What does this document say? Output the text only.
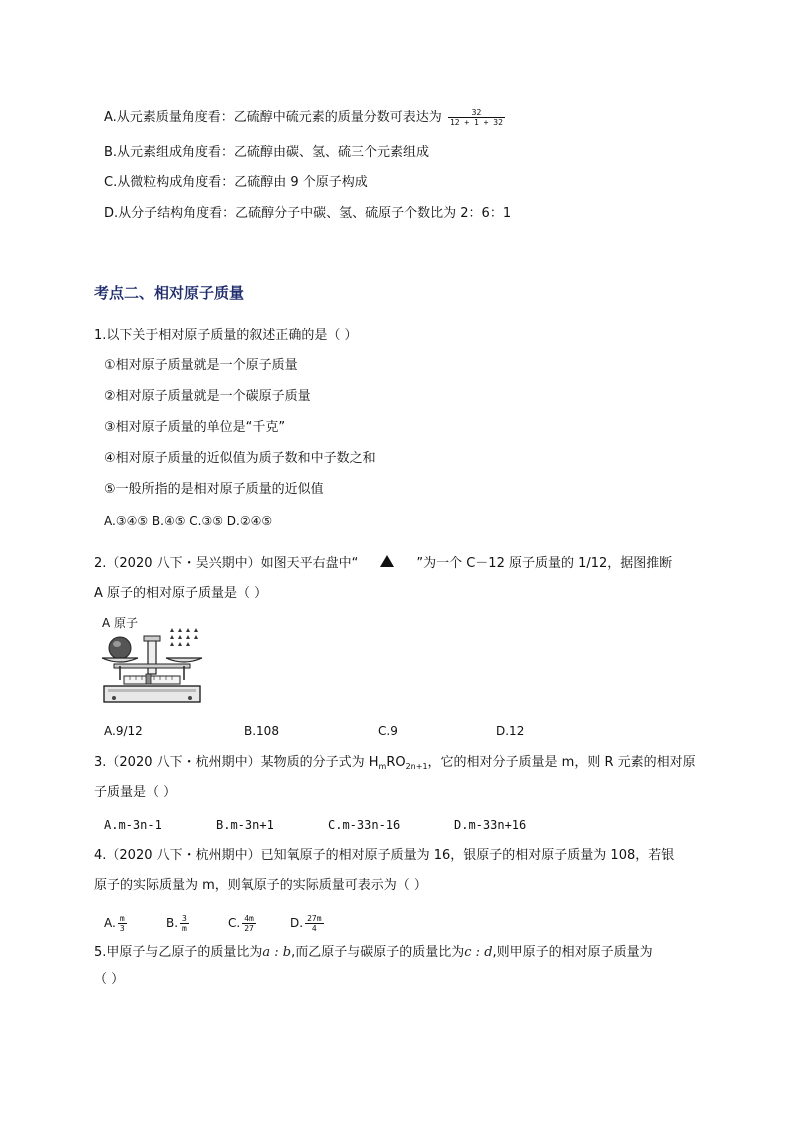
A.从元素质量角度看：乙硫醇中硫元素的质量分数可表达为 $\frac{32}{12 + 1 + 32}$
B.从元素组成角度看：乙硫醇由碳、氢、硫三个元素组成
C.从微粒构成角度看：乙硫醇由 9 个原子构成
D.从分子结构角度看：乙硫醇分子中碳、氢、硫原子个数比为 2：6：1
考点二、相对原子质量
1.以下关于相对原子质量的叙述正确的是（ ）
①相对原子质量就是一个原子质量
②相对原子质量就是一个碳原子质量
③相对原子质量的单位是“千克”
④相对原子质量的近似值为质子数和中子数之和
⑤一般所指的是相对原子质量的近似值
A.③④⑤ B.④⑤ C.③⑤ D.②④⑤
2.（2020 八下・吴兴期中）如图天平右盘中“	”为一个 C－12 原子质量的 1/12，据图推断
A 原子的相对原子质量是（ ）
A 原子
A.9/12	B.108	C.9	D.12
3.（2020 八下・杭州期中）某物质的分子式为 $H_mRO_{2n+1}$，它的相对分子质量是 m，则 R 元素的相对原
子质量是（ ）
A.m-3n-1	B.m-3n+1	C.m-33n-16	D.m-33n+16
4.（2020 八下・杭州期中）已知氧原子的相对原子质量为 16，银原子的相对原子质量为 108，若银
原子的实际质量为 m，则氧原子的实际质量可表示为（ ）
A. $\frac{m}{3}$	B. $\frac{3}{m}$	C. $\frac{4m}{27}$	D. $\frac{27m}{4}$
5.甲原子与乙原子的质量比为a : b,而乙原子与碳原子的质量比为c : d,则甲原子的相对原子质量为
（ ）
